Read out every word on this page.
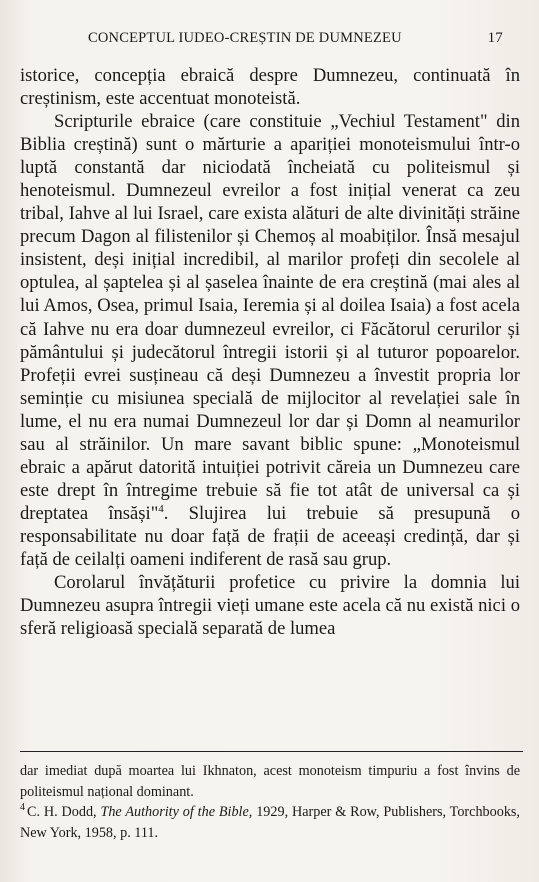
CONCEPTUL IUDEO-CREȘTIN DE DUMNEZEU	17

istorice, concepția ebraică despre Dumnezeu, continuată în creștinism, este accentuat monoteistă.

Scripturile ebraice (care constituie „Vechiul Testament" din Biblia creștină) sunt o mărturie a apariției monoteismului într-o luptă constantă dar niciodată încheiată cu politeismul și henoteismul. Dumnezeul evreilor a fost inițial venerat ca zeu tribal, Iahve al lui Israel, care exista alături de alte divinități străine precum Dagon al filistenilor și Chemoș al moabiților. Însă mesajul insistent, deși inițial incredibil, al marilor profeți din secolele al optulea, al șaptelea și al șaselea înainte de era creștină (mai ales al lui Amos, Osea, primul Isaia, Ieremia și al doilea Isaia) a fost acela că Iahve nu era doar dumnezeul evreilor, ci Făcătorul cerurilor și pământului și judecătorul întregii istorii și al tuturor popoarelor. Profeții evrei susțineau că deși Dumnezeu a învestit propria lor seminție cu misiunea specială de mijlocitor al revelației sale în lume, el nu era numai Dumnezeul lor dar și Domn al neamurilor sau al străinilor. Un mare savant biblic spune: „Monoteismul ebraic a apărut datorită intuiției potrivit căreia un Dumnezeu care este drept în întregime trebuie să fie tot atât de universal ca și dreptatea însăși"$^4$. Slujirea lui trebuie să presupună o responsabilitate nu doar față de frații de aceeași credință, dar și față de ceilalți oameni indiferent de rasă sau grup.

Corolarul învățăturii profetice cu privire la domnia lui Dumnezeu asupra întregii vieți umane este acela că nu există nici o sferă religioasă specială separată de lumea

dar imediat după moartea lui Ikhnaton, acest monoteism timpuriu a fost învins de politeismul național dominant.

$^4$ C. H. Dodd, The Authority of the Bible, 1929, Harper & Row, Publishers, Torchbooks, New York, 1958, p. 111.
